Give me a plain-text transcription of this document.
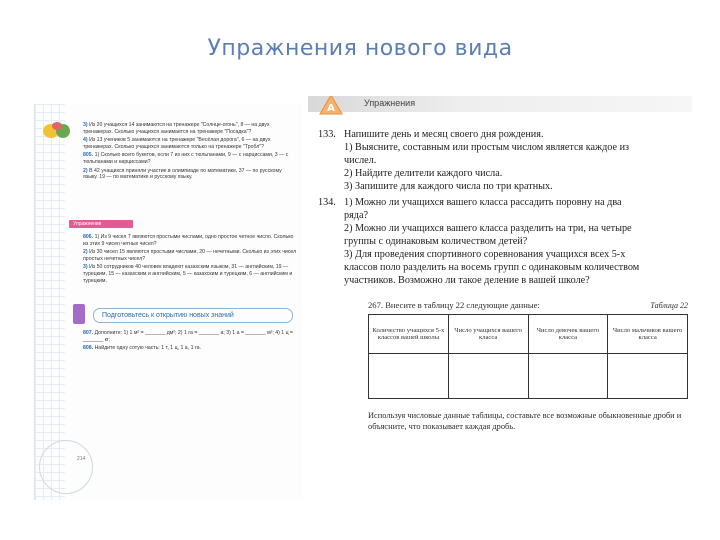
Упражнения нового вида
3) Из 20 учащихся 14 занимаются на тренажере "Солнце-огонь", 8 — на двух тренажерах. Сколько учащихся занимается на тренажере "Посадка"?
4) Из 13 учеников 5 занимаются на тренажере "Весёлая дорога", 6 — на двух тренажерах. Сколько учащихся занимаются только на тренажере "Тробл"?
805. 1) Сколько всего букетов, если 7 из них с тюльпанами, 9 — с нарциссами, 3 — с тюльпанами и нарциссами?
2) В 42 учащихся приняли участие в олимпиаде по математике, 37 — по русскому языку. 19 — по математике и русскому языку.
Упражнения
806. 1) Из 9 чисел 7 являются простыми числами, одно простое четное число. Сколько из этих 9 чисел четных чисел?
2) Из 30 чисел 15 являются простыми числами, 20 — нечетными. Сколько из этих чисел простых нечетных чисел?
3) Из 50 сотрудников 40 человек владеют казахским языком, 31 — английским, 19 — турецким, 15 — казахским и английским, 5 — казахским и турецким, 6 — английским и турецким.
Подготовьтесь к открытию новых знаний
807. Дополните: 1) 1 м² = _______ дм²; 2) 1 га = _______ а; 3) 1 а = _______ м²; 4) 1 ц = _______ кг;
808. Найдите одну сотую часть: 1 т, 1 ц, 1 а, 1 га.
214
A	Упражнения
133. Напишите день и месяц своего дня рождения.
1) Выясните, составным или простым числом является каждое из
числел.
2) Найдите делители каждого числа.
3) Запишите для каждого числа по три кратных.
134. 1) Можно ли учащихся вашего класса рассадить поровну на два
ряда?
2) Можно ли учащихся вашего класса разделить на три, на четыре
группы с одинаковым количеством детей?
3) Для проведения спортивного соревнования учащихся всех 5-х
классов поло разделить на восемь групп с одинаковым количеством
участников. Возможно ли такое деление в вашей школе?
267. Внесите в таблицу 22 следующие данные:	Таблица 22
Количество учащихся 5-х классов вашей школы	Число учащихся вашего класса	Число девочек вашего класса	Число мальчиков вашего класса

Используя числовые данные таблицы, составьте все возможные обыкновенные дроби и объясните, что показывает каждая дробь.
